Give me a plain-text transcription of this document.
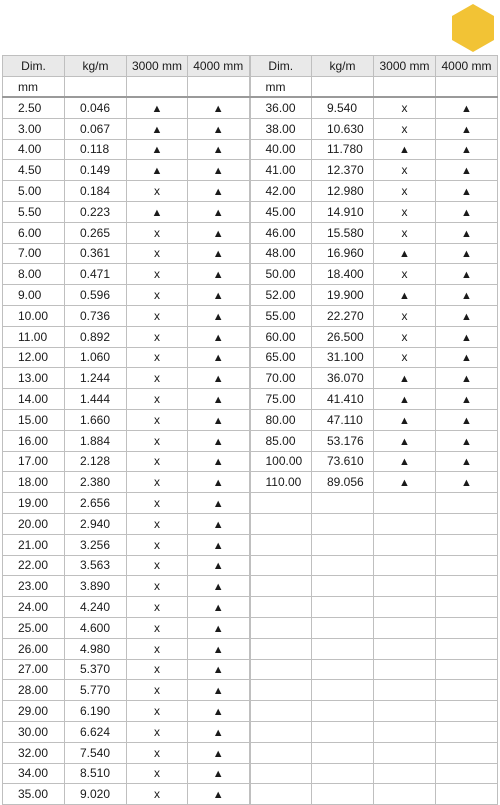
Dim.	kg/m	3000 mm	4000 mm	Dim.	kg/m	3000 mm	4000 mm
mm				mm			
2.50	0.046	▲	▲	36.00	9.540	x	▲
3.00	0.067	▲	▲	38.00	10.630	x	▲
4.00	0.118	▲	▲	40.00	11.780	▲	▲
4.50	0.149	▲	▲	41.00	12.370	x	▲
5.00	0.184	x	▲	42.00	12.980	x	▲
5.50	0.223	▲	▲	45.00	14.910	x	▲
6.00	0.265	x	▲	46.00	15.580	x	▲
7.00	0.361	x	▲	48.00	16.960	▲	▲
8.00	0.471	x	▲	50.00	18.400	x	▲
9.00	0.596	x	▲	52.00	19.900	▲	▲
10.00	0.736	x	▲	55.00	22.270	x	▲
11.00	0.892	x	▲	60.00	26.500	x	▲
12.00	1.060	x	▲	65.00	31.100	x	▲
13.00	1.244	x	▲	70.00	36.070	▲	▲
14.00	1.444	x	▲	75.00	41.410	▲	▲
15.00	1.660	x	▲	80.00	47.110	▲	▲
16.00	1.884	x	▲	85.00	53.176	▲	▲
17.00	2.128	x	▲	100.00	73.610	▲	▲
18.00	2.380	x	▲	110.00	89.056	▲	▲
19.00	2.656	x	▲				
20.00	2.940	x	▲				
21.00	3.256	x	▲				
22.00	3.563	x	▲				
23.00	3.890	x	▲				
24.00	4.240	x	▲				
25.00	4.600	x	▲				
26.00	4.980	x	▲				
27.00	5.370	x	▲				
28.00	5.770	x	▲				
29.00	6.190	x	▲				
30.00	6.624	x	▲				
32.00	7.540	x	▲				
34.00	8.510	x	▲				
35.00	9.020	x	▲				
